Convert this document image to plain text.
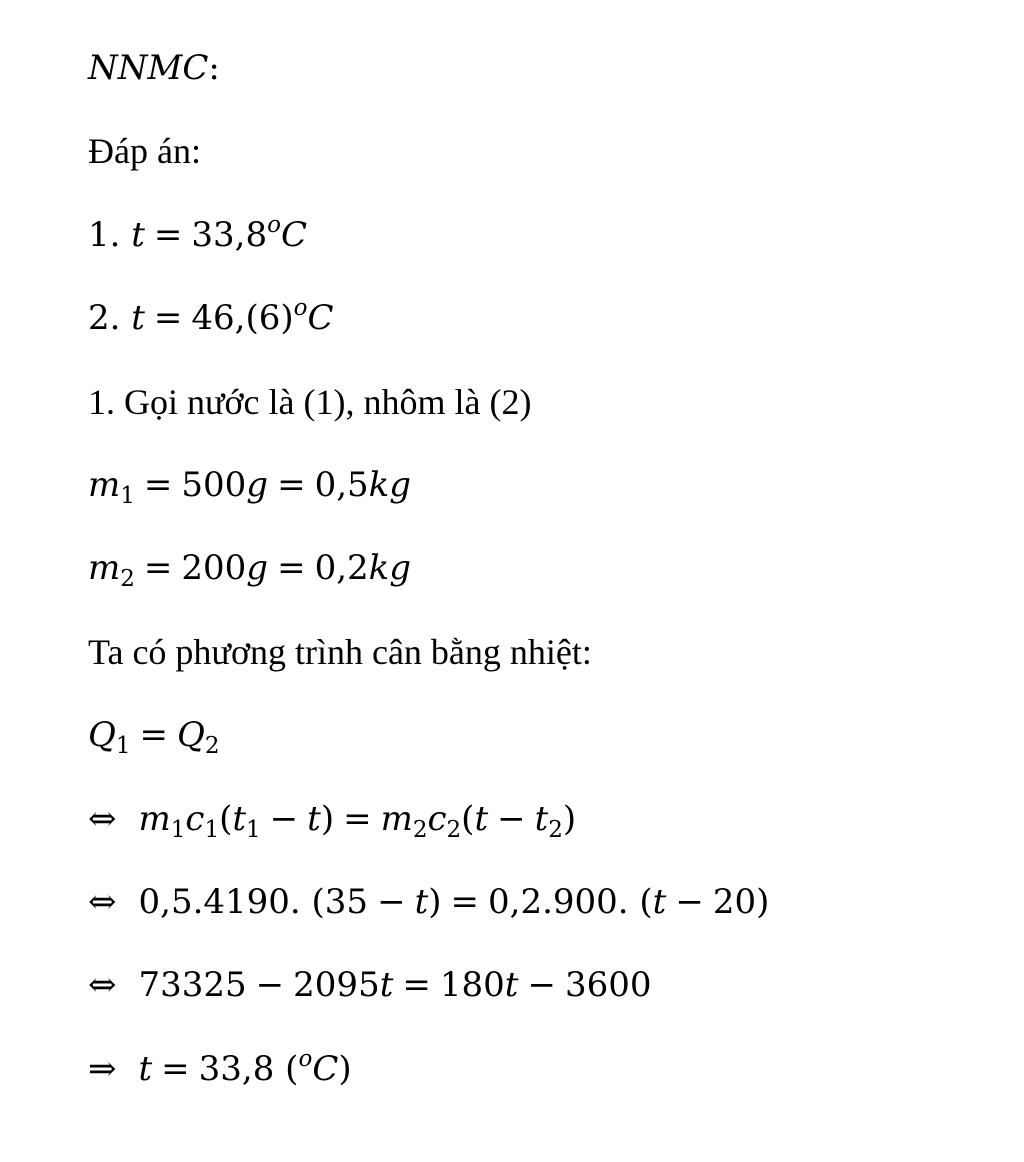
NNMC:
Đáp án:
1. $t = 33,8^oC$
2. $t = 46,(6)^oC$
1. Gọi nước là (1), nhôm là (2)
$m_1 = 500g = 0,5kg$
$m_2 = 200g = 0,2kg$
Ta có phương trình cân bằng nhiệt:
$Q_1 = Q_2$
⇔ $m_1c_1(t_1 - t) = m_2c_2(t - t_2)$
⇔ 0,5.4190. (35 − t) = 0,2.900. (t − 20)
⇔ 73325 − 2095t = 180t − 3600
⇒ t = 33,8 ($^o$C)
